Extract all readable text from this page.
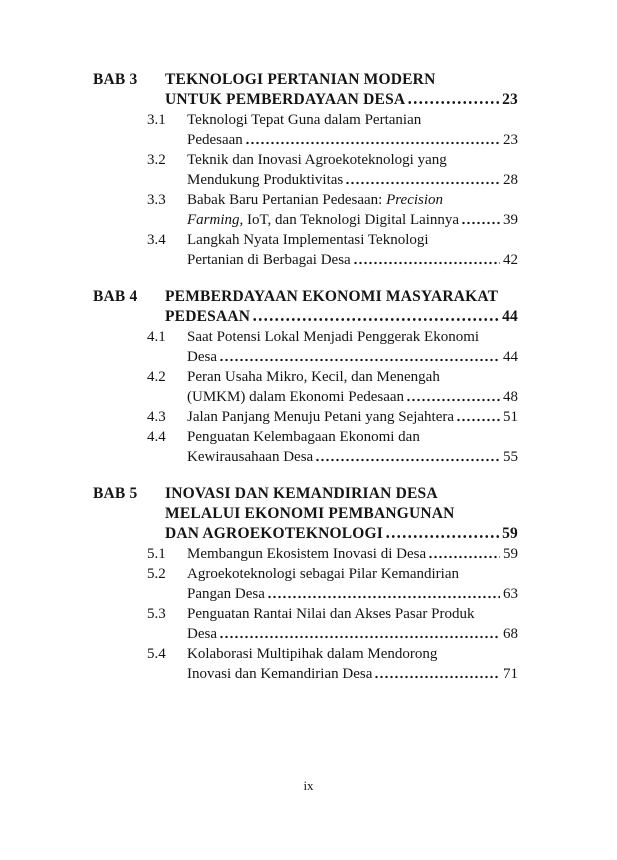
BAB 3	TEKNOLOGI PERTANIAN MODERN
UNTUK PEMBERDAYAAN DESA	23
3.1	Teknologi Tepat Guna dalam Pertanian
Pedesaan	23
3.2	Teknik dan Inovasi Agroekoteknologi yang
Mendukung Produktivitas	28
3.3	Babak Baru Pertanian Pedesaan: Precision
Farming, IoT, dan Teknologi Digital Lainnya	39
3.4	Langkah Nyata Implementasi Teknologi
Pertanian di Berbagai Desa	42
BAB 4	PEMBERDAYAAN EKONOMI MASYARAKAT
PEDESAAN	44
4.1	Saat Potensi Lokal Menjadi Penggerak Ekonomi
Desa	44
4.2	Peran Usaha Mikro, Kecil, dan Menengah
(UMKM) dalam Ekonomi Pedesaan	48
4.3	Jalan Panjang Menuju Petani yang Sejahtera	51
4.4	Penguatan Kelembagaan Ekonomi dan
Kewirausahaan Desa	55
BAB 5	INOVASI DAN KEMANDIRIAN DESA
MELALUI EKONOMI PEMBANGUNAN
DAN AGROEKOTEKNOLOGI	59
5.1	Membangun Ekosistem Inovasi di Desa	59
5.2	Agroekoteknologi sebagai Pilar Kemandirian
Pangan Desa	63
5.3	Penguatan Rantai Nilai dan Akses Pasar Produk
Desa	68
5.4	Kolaborasi Multipihak dalam Mendorong
Inovasi dan Kemandirian Desa	71
ix
